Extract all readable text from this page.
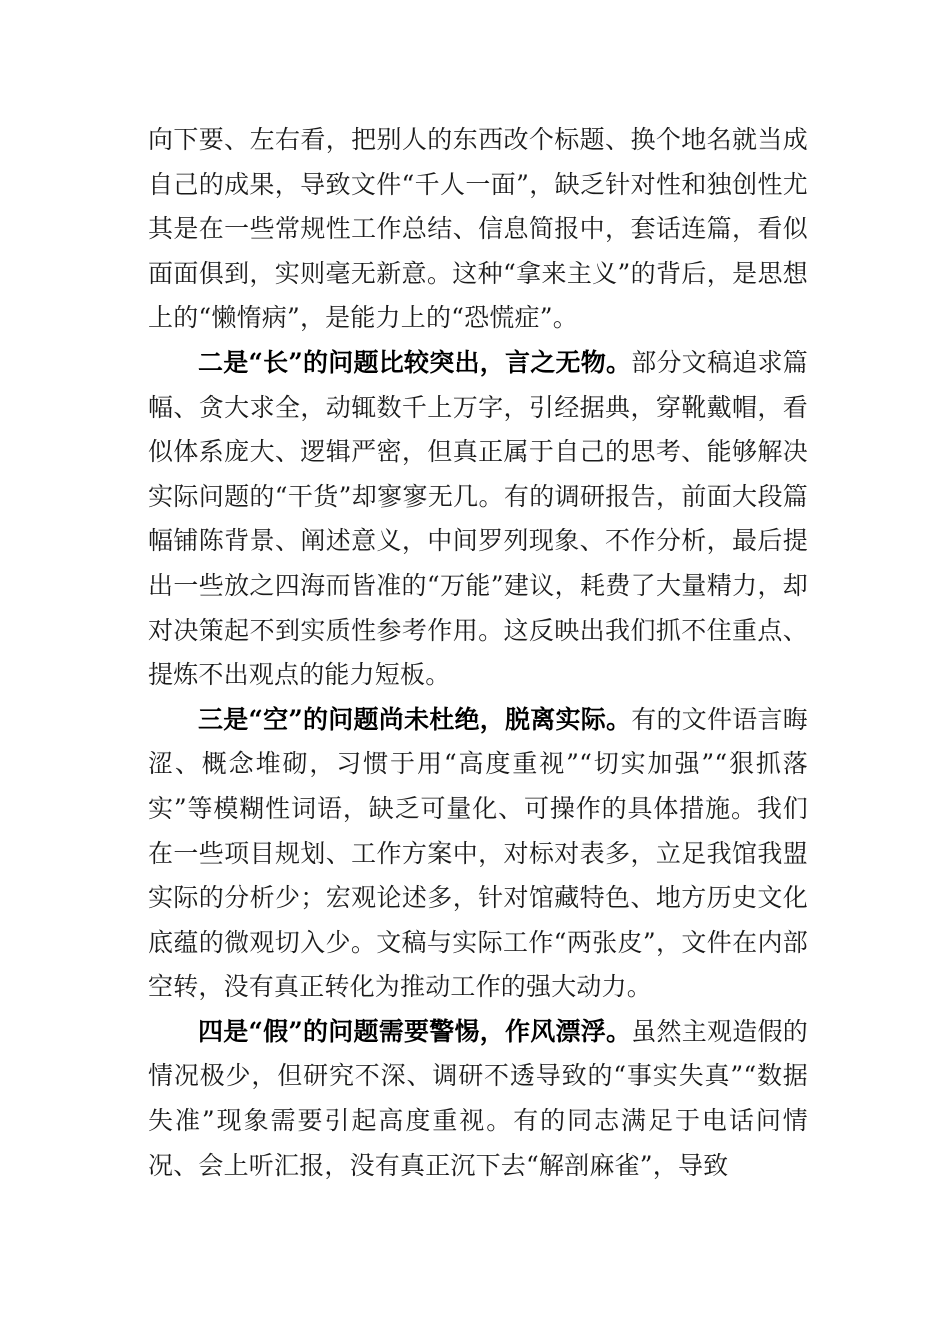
向下要、左右看，把别人的东西改个标题、换个地名就当成自己的成果，导致文件“千人一面”，缺乏针对性和独创性尤其是在一些常规性工作总结、信息简报中，套话连篇，看似面面俱到，实则毫无新意。这种“拿来主义”的背后，是思想上的“懒惰病”，是能力上的“恐慌症”。

二是“长”的问题比较突出，言之无物。部分文稿追求篇幅、贪大求全，动辄数千上万字，引经据典，穿靴戴帽，看似体系庞大、逻辑严密，但真正属于自己的思考、能够解决实际问题的“干货”却寥寥无几。有的调研报告，前面大段篇幅铺陈背景、阐述意义，中间罗列现象、不作分析，最后提出一些放之四海而皆准的“万能”建议，耗费了大量精力，却对决策起不到实质性参考作用。这反映出我们抓不住重点、提炼不出观点的能力短板。

三是“空”的问题尚未杜绝，脱离实际。有的文件语言晦涩、概念堆砌，习惯于用“高度重视”“切实加强”“狠抓落实”等模糊性词语，缺乏可量化、可操作的具体措施。我们在一些项目规划、工作方案中，对标对表多，立足我馆我盟实际的分析少；宏观论述多，针对馆藏特色、地方历史文化底蕴的微观切入少。文稿与实际工作“两张皮”，文件在内部空转，没有真正转化为推动工作的强大动力。

四是“假”的问题需要警惕，作风漂浮。虽然主观造假的情况极少，但研究不深、调研不透导致的“事实失真”“数据失准”现象需要引起高度重视。有的同志满足于电话问情况、会上听汇报，没有真正沉下去“解剖麻雀”，导致
